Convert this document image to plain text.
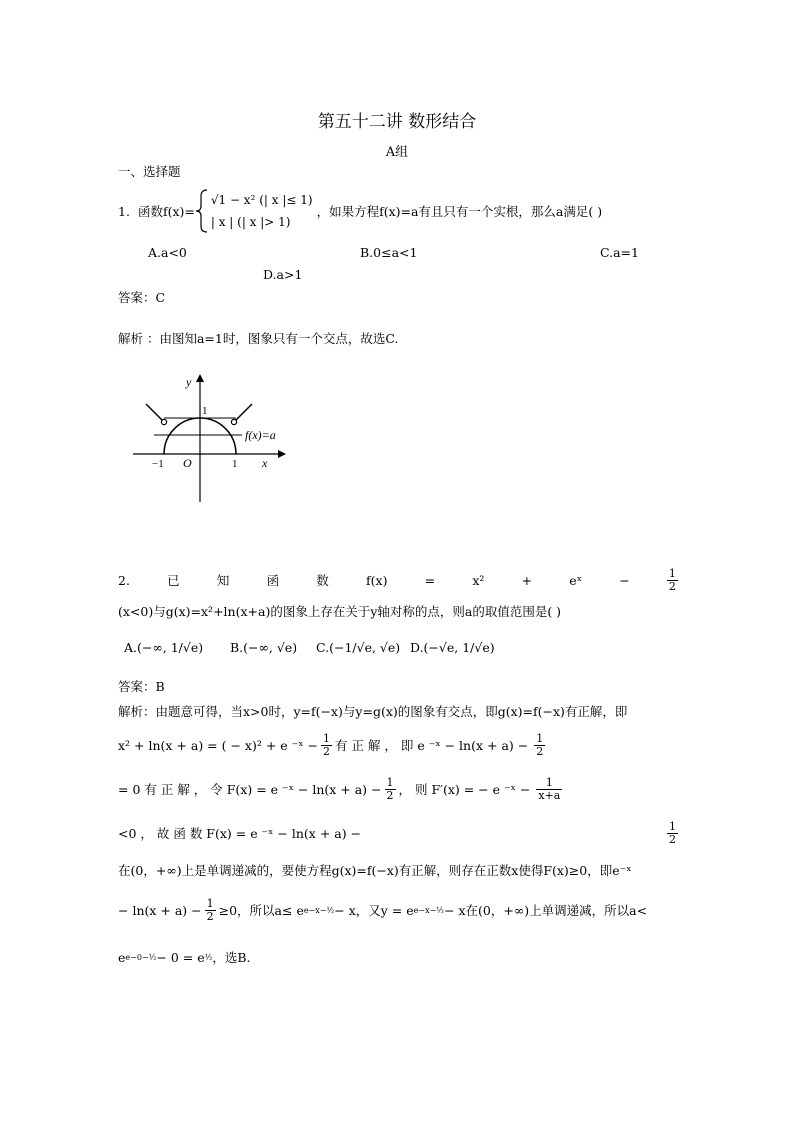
第五十二讲 数形结合
A组
一、选择题
1. 函数f(x)=
√1 − x² (| x |≤ 1)
| x | (| x |> 1)
，如果方程f(x)=a有且只有一个实根，那么a满足( )
A.a<0	B.0≤a<1	C.a=1
D.a>1
答案：C
解析 ：由图知a=1时，图象只有一个交点，故选C.
y
x
1
−1 O	1
f(x)=a
2.	已	知	函	数	f(x)	=	x²	+	eˣ	−	$\frac{1}{2}$
(x<0)与g(x)=x²+ln(x+a)的图象上存在关于y轴对称的点，则a的取值范围是( )
A.(−∞, 1/√e) B.(−∞, √e) C.(−1/√e, √e) D.(−√e, 1/√e)
答案：B
解析：由题意可得，当x>0时，y=f(−x)与y=g(x)的图象有交点，即g(x)=f(−x)有正解，即
x² + ln(x + a) = ( − x)² + e ⁻ˣ − $\frac{1}{2}$ 有 正 解 ， 即 e ⁻ˣ − $\ln(x + a) - \frac{1}{2}$
= 0 有 正 解 ， 令 F(x) = e ⁻ˣ − $\ln(x + a) - \frac{1}{2}$ ， 则 F′(x) = − e ⁻ˣ − $\frac{1}{x+a}$
<0 ， 故 函 数 F(x) = e ⁻ˣ − ln(x + a) −	$\frac{1}{2}$
在(0，+∞)上是单调递减的，要使方程g(x)=f(−x)有正解，则存在正数x使得F(x)≥0，即e⁻ˣ
− $\ln(x + a) - \frac{1}{2} \ge 0$，所以a≤ e e−x−½ − x，又y = e e−x−½ − x在(0，+∞)上单调递减，所以a<
e e−0−½ − 0 = e ½ ，选B.
